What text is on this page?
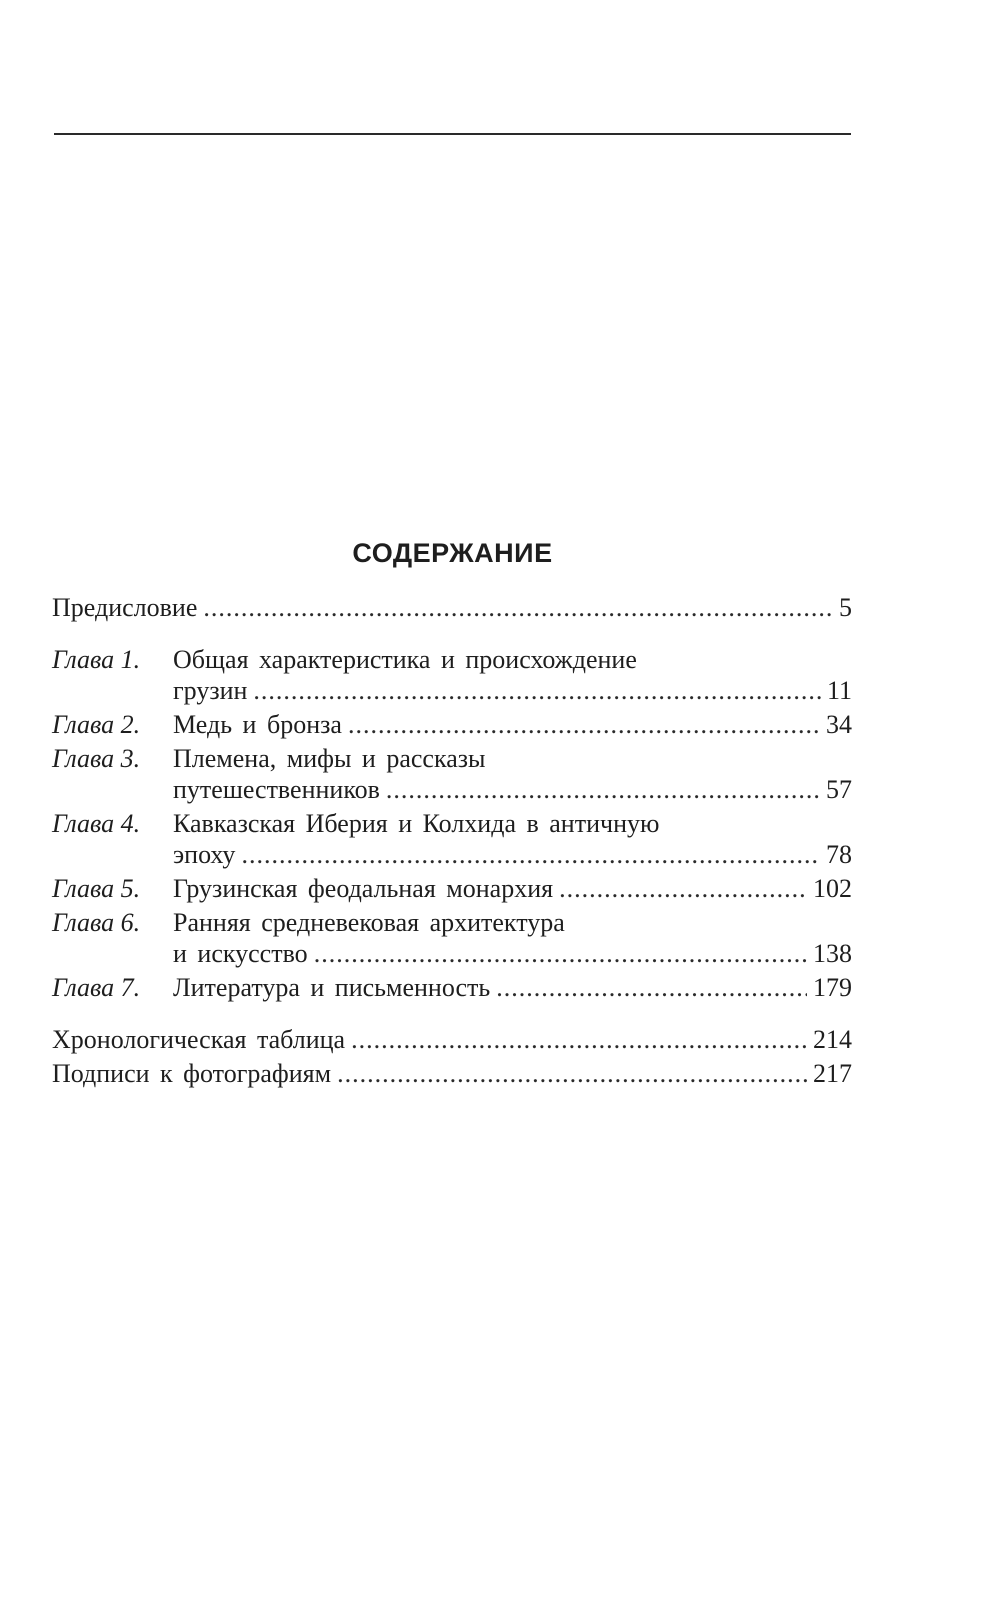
СОДЕРЖАНИЕ
Предисловие .....	5
Глава 1.	Общая характеристика и происхождение
грузин .....	11
Глава 2.	Медь и бронза .....	34
Глава 3.	Племена, мифы и рассказы
путешественников .....	57
Глава 4.	Кавказская Иберия и Колхида в античную
эпоху .....	78
Глава 5.	Грузинская феодальная монархия .....	102
Глава 6.	Ранняя средневековая архитектура
и искусство .....	138
Глава 7.	Литература и письменность .....	179
Хронологическая таблица .....	214
Подписи к фотографиям .....	217
